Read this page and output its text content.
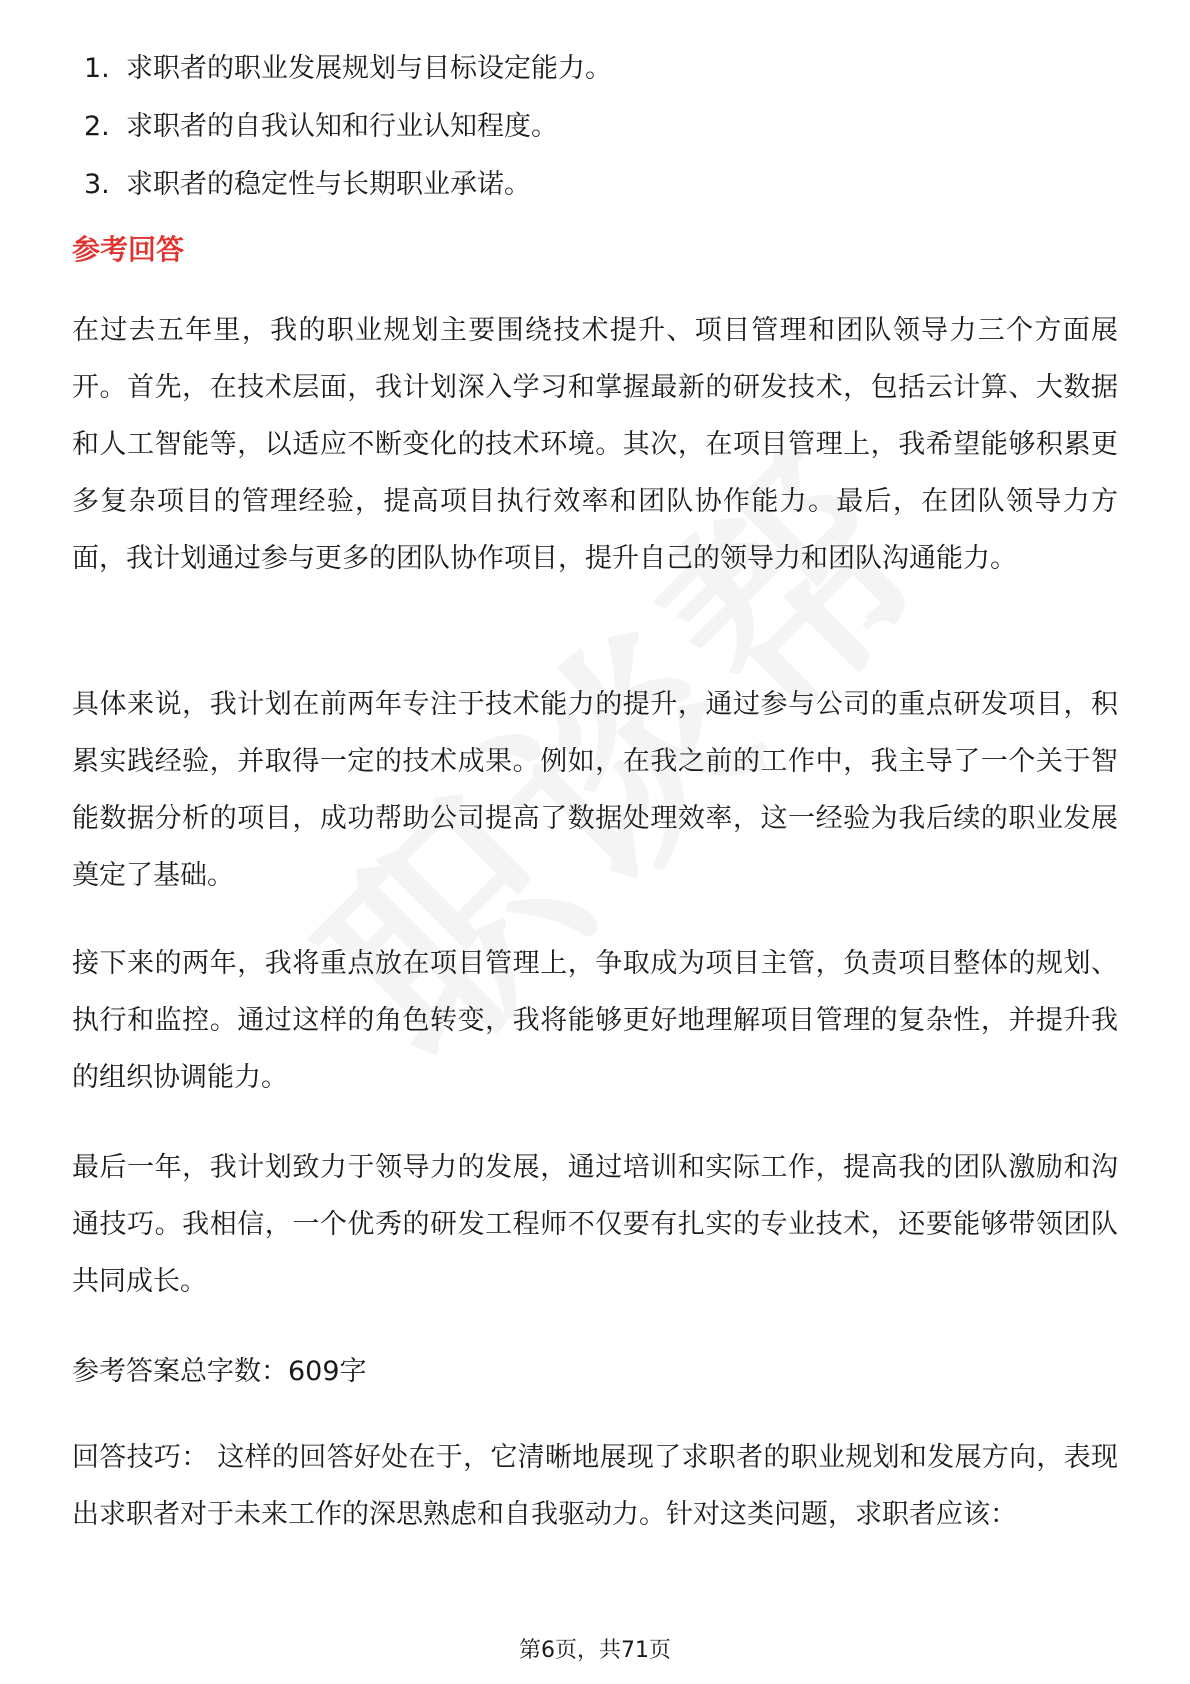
1. 求职者的职业发展规划与目标设定能力。
2. 求职者的自我认知和行业认知程度。
3. 求职者的稳定性与长期职业承诺。
参考回答

在过去五年里，我的职业规划主要围绕技术提升、项目管理和团队领导力三个方面展开。首先，在技术层面，我计划深入学习和掌握最新的研发技术，包括云计算、大数据和人工智能等，以适应不断变化的技术环境。其次，在项目管理上，我希望能够积累更多复杂项目的管理经验，提高项目执行效率和团队协作能力。最后，在团队领导力方面，我计划通过参与更多的团队协作项目，提升自己的领导力和团队沟通能力。

具体来说，我计划在前两年专注于技术能力的提升，通过参与公司的重点研发项目，积累实践经验，并取得一定的技术成果。例如，在我之前的工作中，我主导了一个关于智能数据分析的项目，成功帮助公司提高了数据处理效率，这一经验为我后续的职业发展奠定了基础。

接下来的两年，我将重点放在项目管理上，争取成为项目主管，负责项目整体的规划、执行和监控。通过这样的角色转变，我将能够更好地理解项目管理的复杂性，并提升我的组织协调能力。

最后一年，我计划致力于领导力的发展，通过培训和实际工作，提高我的团队激励和沟通技巧。我相信，一个优秀的研发工程师不仅要有扎实的专业技术，还要能够带领团队共同成长。

参考答案总字数：609字

回答技巧： 这样的回答好处在于，它清晰地展现了求职者的职业规划和发展方向，表现出求职者对于未来工作的深思熟虑和自我驱动力。针对这类问题，求职者应该：

第6页，共71页
